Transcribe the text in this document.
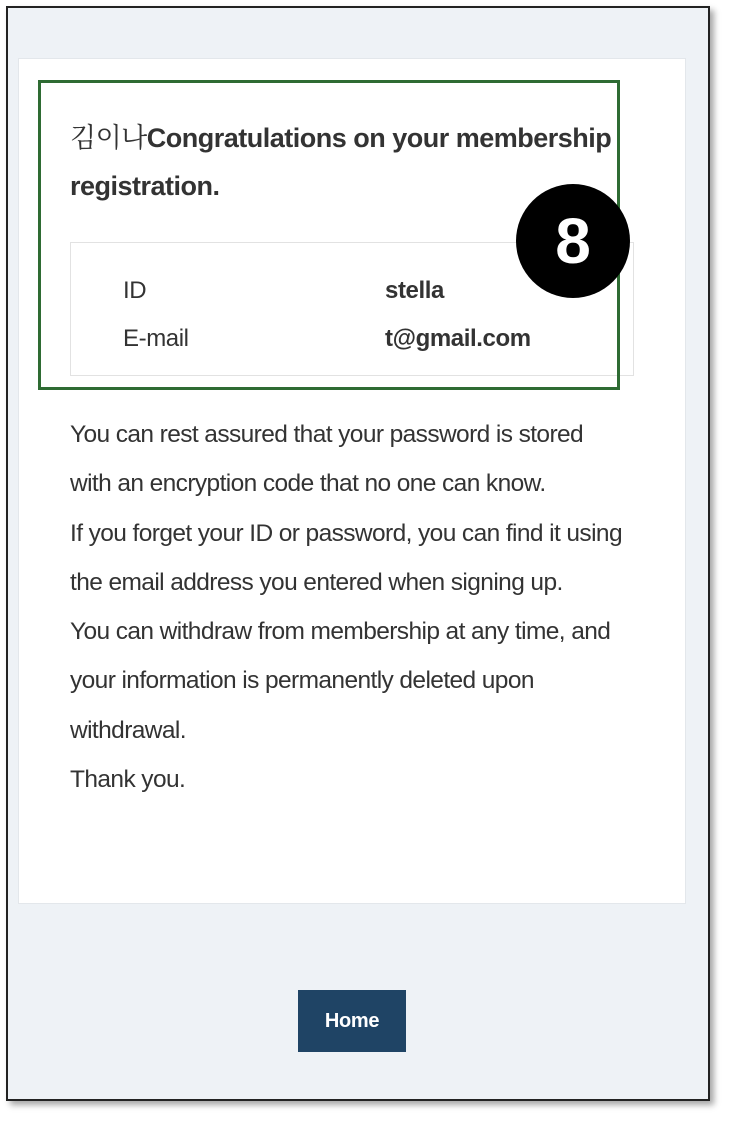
김이나Congratulations on your membership registration.
ID	stella
E-mail	t@gmail.com
8

You can rest assured that your password is stored with an encryption code that no one can know.

If you forget your ID or password, you can find it using the email address you entered when signing up.

You can withdraw from membership at any time, and your information is permanently deleted upon withdrawal.

Thank you.

Home
